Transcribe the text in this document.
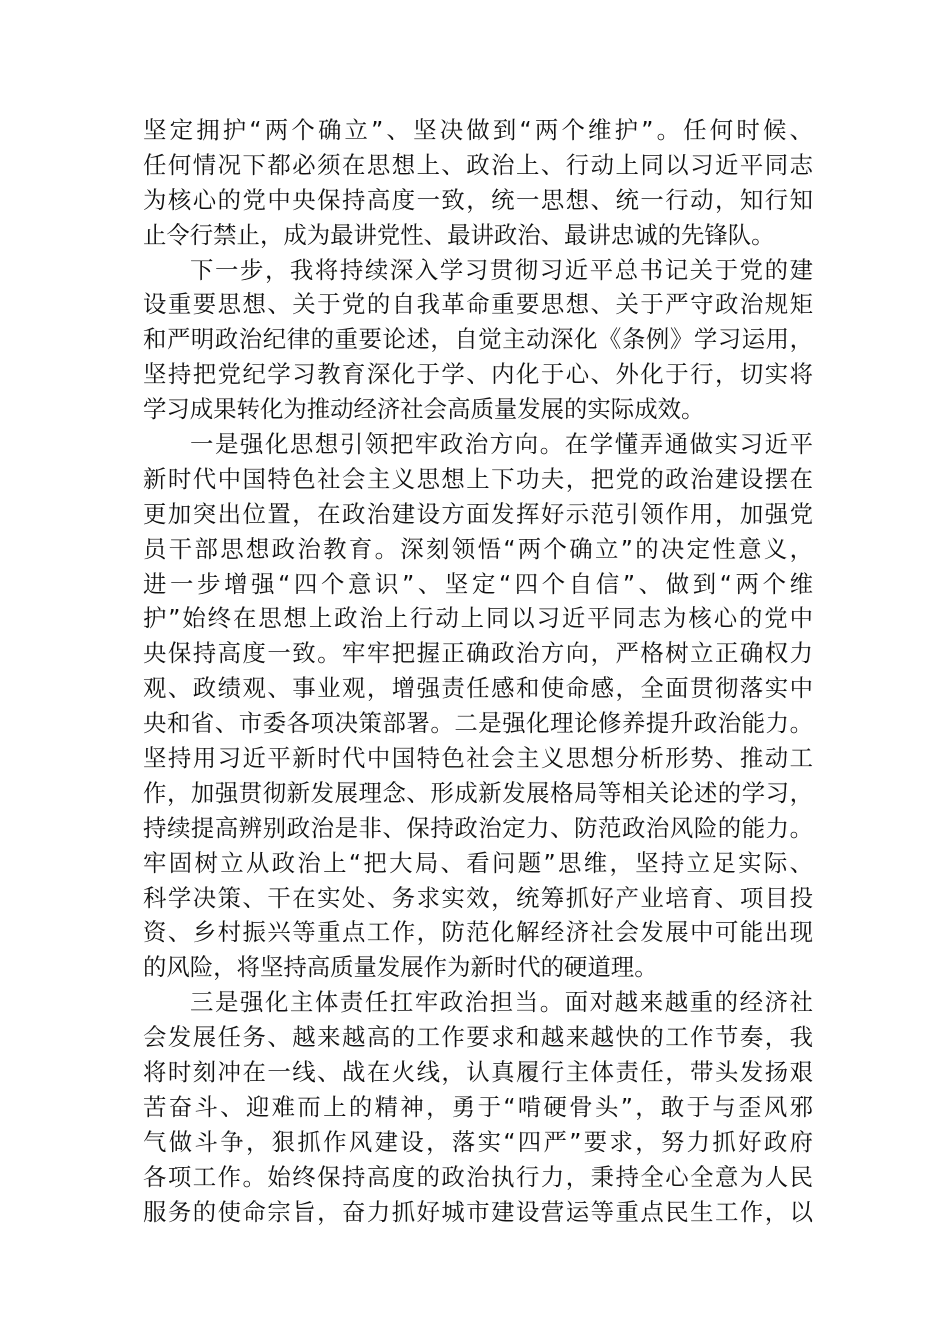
坚定拥护“两个确立”、坚决做到“两个维护”。任何时候、
任何情况下都必须在思想上、政治上、行动上同以习近平同志
为核心的党中央保持高度一致，统一思想、统一行动，知行知
止令行禁止，成为最讲党性、最讲政治、最讲忠诚的先锋队。
下一步，我将持续深入学习贯彻习近平总书记关于党的建
设重要思想、关于党的自我革命重要思想、关于严守政治规矩
和严明政治纪律的重要论述，自觉主动深化《条例》学习运用，
坚持把党纪学习教育深化于学、内化于心、外化于行，切实将
学习成果转化为推动经济社会高质量发展的实际成效。
一是强化思想引领把牢政治方向。在学懂弄通做实习近平
新时代中国特色社会主义思想上下功夫，把党的政治建设摆在
更加突出位置，在政治建设方面发挥好示范引领作用，加强党
员干部思想政治教育。深刻领悟“两个确立”的决定性意义，
进一步增强“四个意识”、坚定“四个自信”、做到“两个维
护”始终在思想上政治上行动上同以习近平同志为核心的党中
央保持高度一致。牢牢把握正确政治方向，严格树立正确权力
观、政绩观、事业观，增强责任感和使命感，全面贯彻落实中
央和省、市委各项决策部署。二是强化理论修养提升政治能力。
坚持用习近平新时代中国特色社会主义思想分析形势、推动工
作，加强贯彻新发展理念、形成新发展格局等相关论述的学习，
持续提高辨别政治是非、保持政治定力、防范政治风险的能力。
牢固树立从政治上“把大局、看问题”思维，坚持立足实际、
科学决策、干在实处、务求实效，统筹抓好产业培育、项目投
资、乡村振兴等重点工作，防范化解经济社会发展中可能出现
的风险，将坚持高质量发展作为新时代的硬道理。
三是强化主体责任扛牢政治担当。面对越来越重的经济社
会发展任务、越来越高的工作要求和越来越快的工作节奏，我
将时刻冲在一线、战在火线，认真履行主体责任，带头发扬艰
苦奋斗、迎难而上的精神，勇于“啃硬骨头”，敢于与歪风邪
气做斗争，狠抓作风建设，落实“四严”要求，努力抓好政府
各项工作。始终保持高度的政治执行力，秉持全心全意为人民
服务的使命宗旨，奋力抓好城市建设营运等重点民生工作，以
